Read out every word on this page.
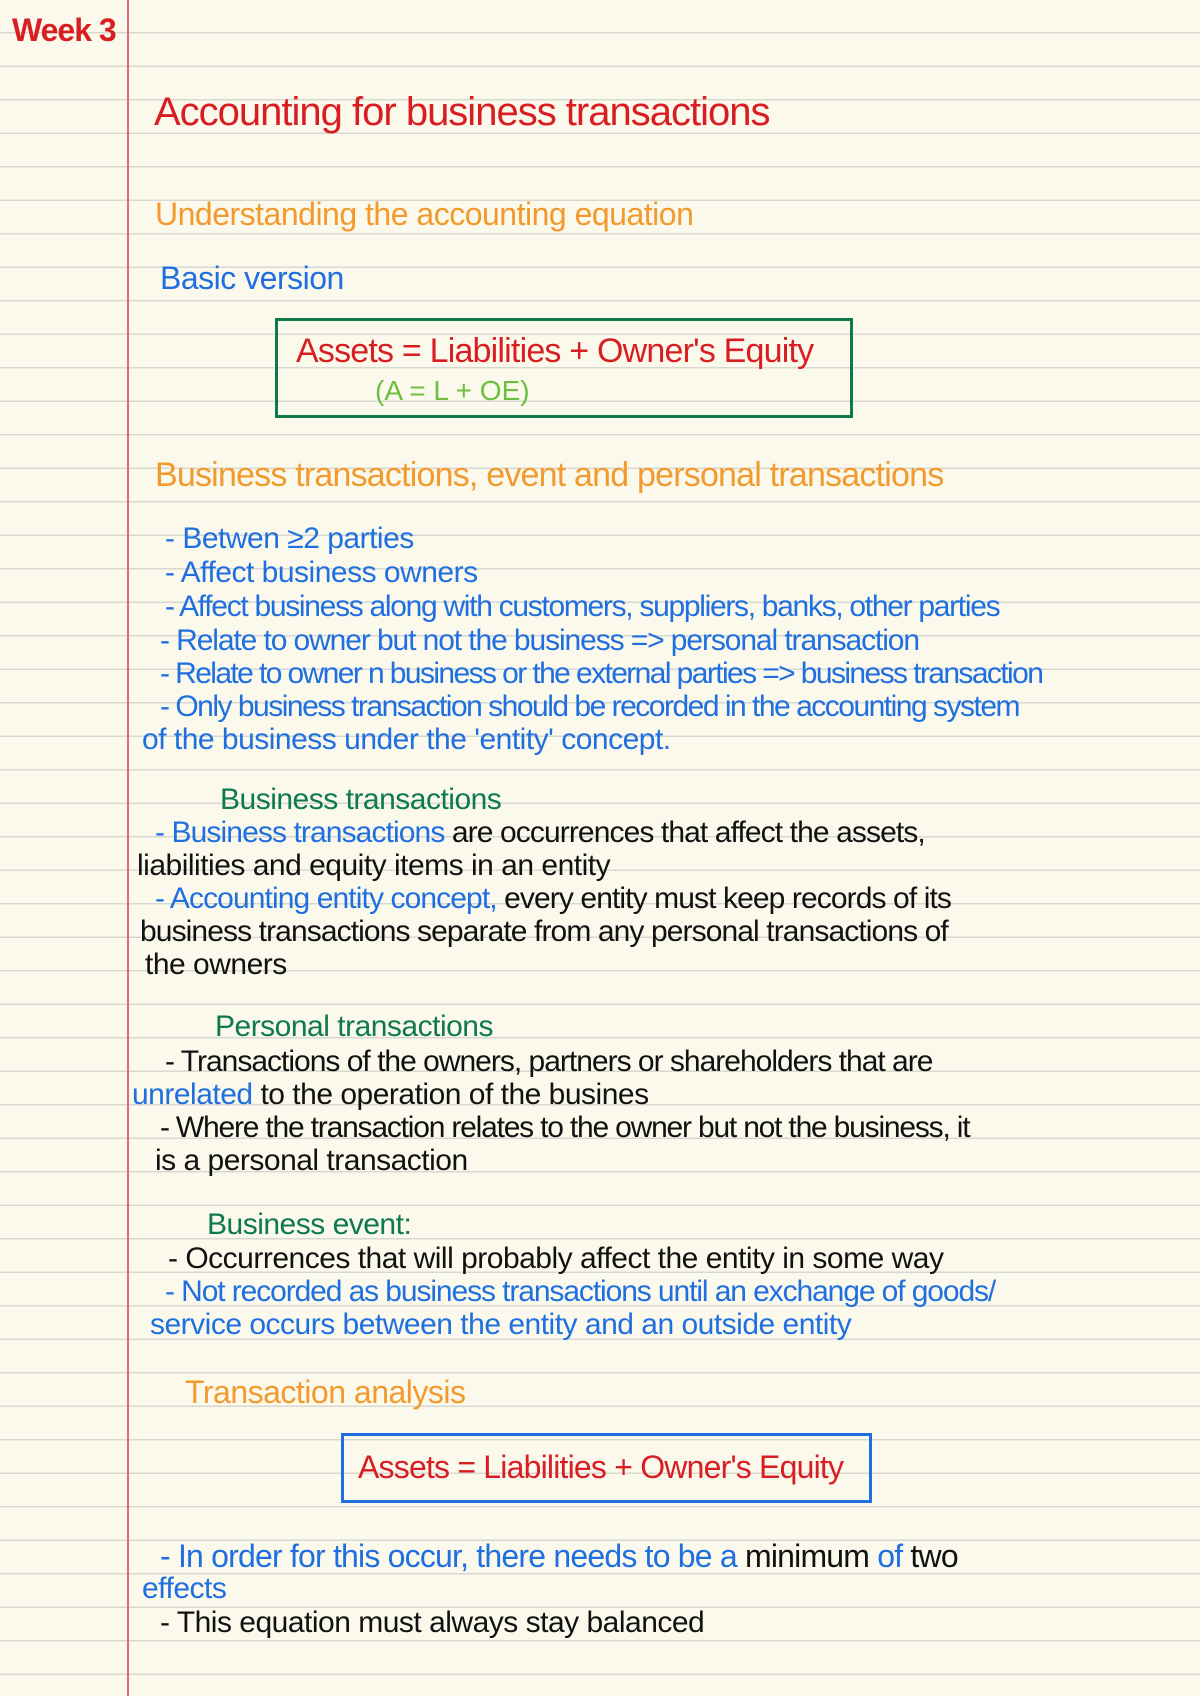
Week 3
Accounting for business transactions
Understanding the accounting equation
Basic version
Assets = Liabilities + Owner's Equity
(A = L + OE)
Business transactions, event and personal transactions
- Betwen ≥2 parties
- Affect business owners
- Affect business along with customers, suppliers, banks, other parties
- Relate to owner but not the business => personal transaction
- Relate to owner n business or the external parties => business transaction
- Only business transaction should be recorded in the accounting system
of the business under the 'entity' concept.
Business transactions
- Business transactions are occurrences that affect the assets,
liabilities and equity items in an entity
- Accounting entity concept, every entity must keep records of its
business transactions separate from any personal transactions of
the owners
Personal transactions
- Transactions of the owners, partners or shareholders that are
unrelated to the operation of the busines
- Where the transaction relates to the owner but not the business, it
is a personal transaction
Business event:
- Occurrences that will probably affect the entity in some way
- Not recorded as business transactions until an exchange of goods/
service occurs between the entity and an outside entity
Transaction analysis
Assets = Liabilities + Owner's Equity
- In order for this occur, there needs to be a minimum of two
effects
- This equation must always stay balanced
